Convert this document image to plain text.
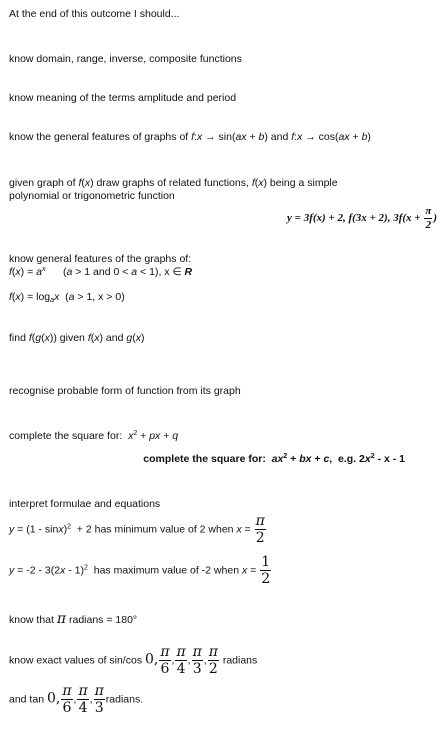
At the end of this outcome I should...
know domain, range, inverse, composite functions
know meaning of the terms amplitude and period
know the general features of graphs of f:x → sin(ax + b) and f:x → cos(ax + b)
given graph of f(x) draw graphs of related functions, f(x) being a simple
polynomial or trigonometric function
y = 3f(x) + 2, f(3x + 2), $3f(x + \frac{\pi}{2}$ )
know general features of the graphs of:
$f(x) = a^x$      (a > 1 and 0 < a < 1), x ∈ R
$f(x) = \log_ax$  (a > 1, x > 0)
find f(g(x)) given f(x) and g(x)
recognise probable form of function from its graph
complete the square for:  $x^2$ + px + q
complete the square for:  $ax^2$ + bx + c,  e.g. $2x^2$ - x - 1
interpret formulae and equations
y = (1 - sinx)$^2$  + 2 has minimum value of 2 when $x = \frac{\pi}{2}$
y = -2 - 3(2x - 1)$^2$  has maximum value of -2 when $x = \frac{1}{2}$
know that π radians = 180°
know exact values of sin/cos 0, $\frac{\pi}{6}$ , $\frac{\pi}{4}$ , $\frac{\pi}{3}$ , $\frac{\pi}{2}$ radians
and tan 0, $\frac{\pi}{6}$ , $\frac{\pi}{4}$ , $\frac{\pi}{3}$ radians.
